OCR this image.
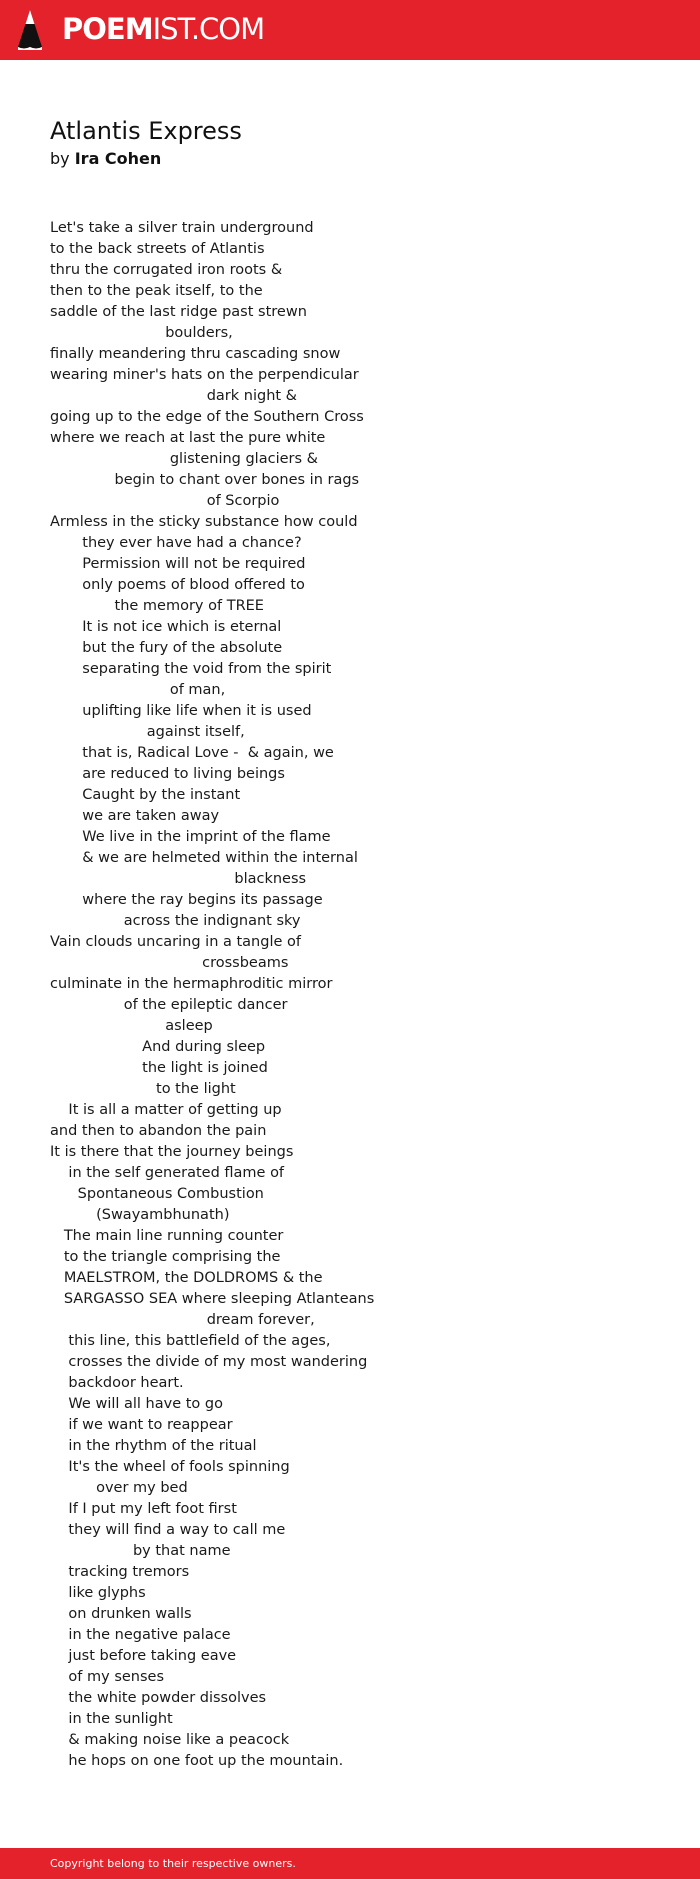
POEMIST.COM
Atlantis Express
by Ira Cohen
Let's take a silver train underground
to the back streets of Atlantis
thru the corrugated iron roots &
then to the peak itself, to the
saddle of the last ridge past strewn
boulders,
finally meandering thru cascading snow
wearing miner's hats on the perpendicular
dark night &
going up to the edge of the Southern Cross
where we reach at last the pure white
glistening glaciers &
begin to chant over bones in rags
of Scorpio
Armless in the sticky substance how could
they ever have had a chance?
Permission will not be required
only poems of blood offered to
the memory of TREE
It is not ice which is eternal
but the fury of the absolute
separating the void from the spirit
of man,
uplifting like life when it is used
against itself,
that is, Radical Love -  & again, we
are reduced to living beings
Caught by the instant
we are taken away
We live in the imprint of the flame
& we are helmeted within the internal
blackness
where the ray begins its passage
across the indignant sky
Vain clouds uncaring in a tangle of
crossbeams
culminate in the hermaphroditic mirror
of the epileptic dancer
asleep
And during sleep
the light is joined
to the light
It is all a matter of getting up
and then to abandon the pain
It is there that the journey beings
in the self generated flame of
Spontaneous Combustion
(Swayambhunath)
The main line running counter
to the triangle comprising the
MAELSTROM, the DOLDROMS & the
SARGASSO SEA where sleeping Atlanteans
dream forever,
this line, this battlefield of the ages,
crosses the divide of my most wandering
backdoor heart.
We will all have to go
if we want to reappear
in the rhythm of the ritual
It's the wheel of fools spinning
over my bed
If I put my left foot first
they will find a way to call me
by that name
tracking tremors
like glyphs
on drunken walls
in the negative palace
just before taking eave
of my senses
the white powder dissolves
in the sunlight
& making noise like a peacock
he hops on one foot up the mountain.
Copyright belong to their respective owners.
